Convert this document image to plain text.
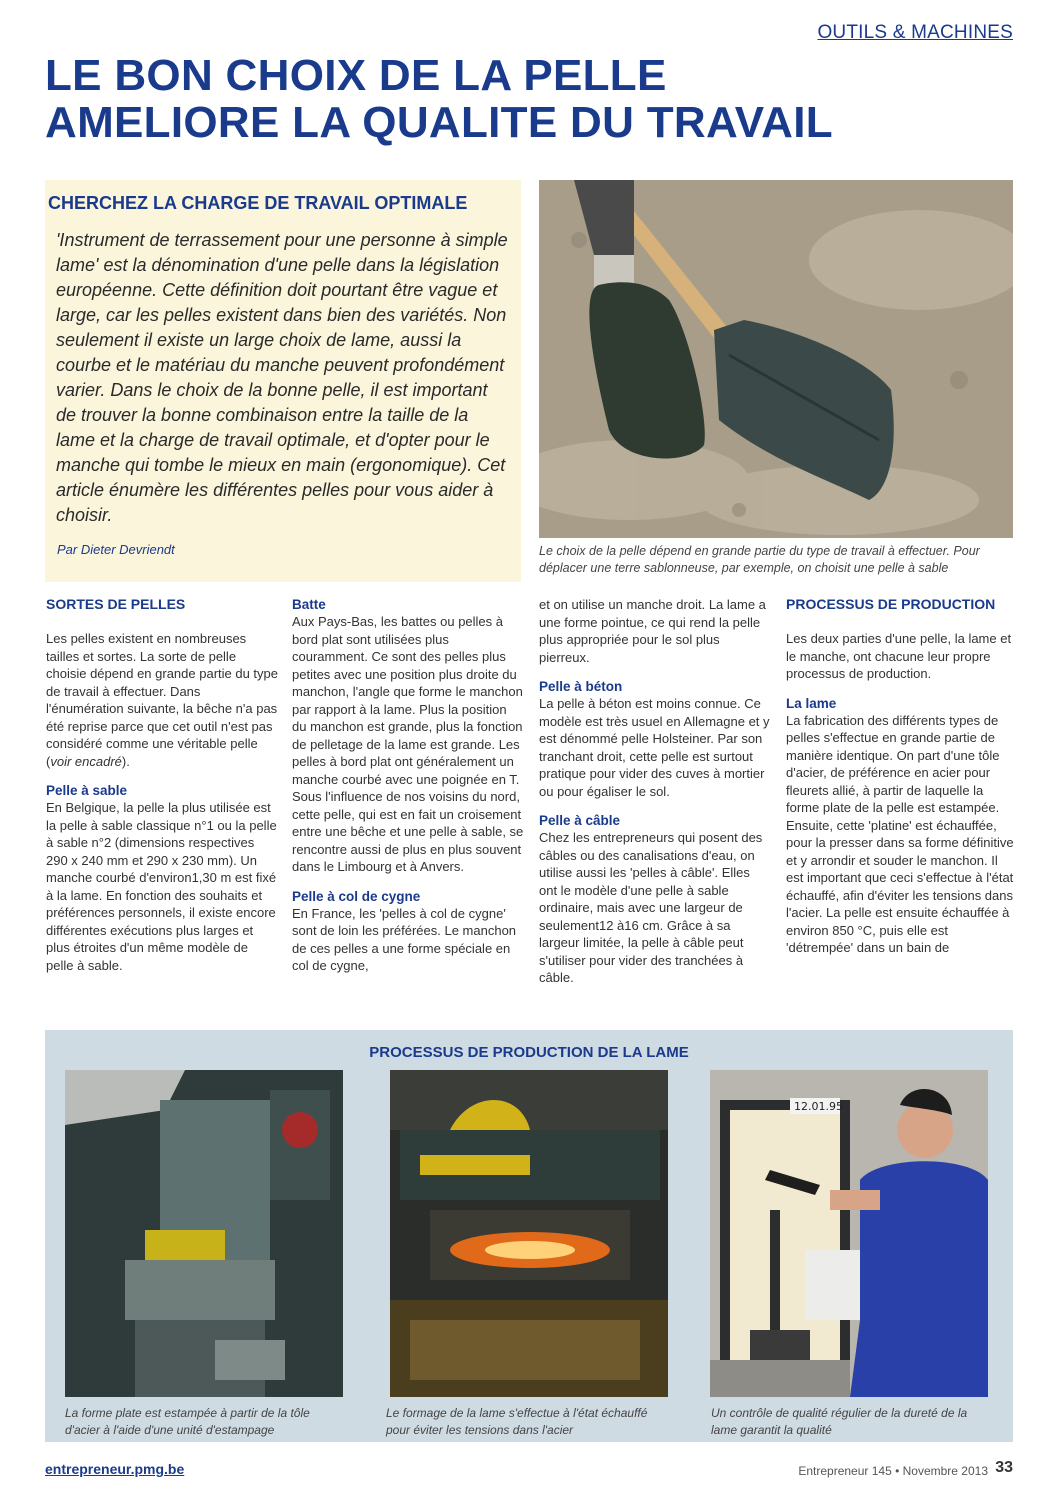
OUTILS & MACHINES
LE BON CHOIX DE LA PELLE
AMELIORE LA QUALITE DU TRAVAIL
CHERCHEZ LA CHARGE DE TRAVAIL OPTIMALE
'Instrument de terrassement pour une personne à simple lame' est la dénomination d'une pelle dans la législation européenne. Cette définition doit pourtant être vague et large, car les pelles existent dans bien des variétés. Non seulement il existe un large choix de lame, aussi la courbe et le matériau du manche peuvent profondément varier. Dans le choix de la bonne pelle, il est important de trouver la bonne combinaison entre la taille de la lame et la charge de travail optimale, et d'opter pour le manche qui tombe le mieux en main (ergonomique). Cet article énumère les différentes pelles pour vous aider à choisir.
Par Dieter Devriendt	Le choix de la pelle dépend en grande partie du type de travail à effectuer. Pour déplacer une terre sablonneuse, par exemple, on choisit une pelle à sable
SORTES DE PELLES

Les pelles existent en nombreuses tailles et sortes. La sorte de pelle choisie dépend en grande partie du type de travail à effectuer. Dans l'énumération suivante, la bêche n'a pas été reprise parce que cet outil n'est pas considéré comme une véritable pelle (voir encadré).

Pelle à sable

En Belgique, la pelle la plus utilisée est la pelle à sable classique n°1 ou la pelle à sable n°2 (dimensions respectives 290 x 240 mm et 290 x 230 mm). Un manche courbé d'environ1,30 m est fixé à la lame. En fonction des souhaits et préférences personnels, il existe encore différentes exécutions plus larges et plus étroites d'un même modèle de pelle à sable.

Batte

Aux Pays-Bas, les battes ou pelles à bord plat sont utilisées plus couramment. Ce sont des pelles plus petites avec une position plus droite du manchon, l'angle que forme le manchon par rapport à la lame. Plus la position du manchon est grande, plus la fonction de pelletage de la lame est grande. Les pelles à bord plat ont généralement un manche courbé avec une poignée en T. Sous l'influence de nos voisins du nord, cette pelle, qui est en fait un croisement entre une bêche et une pelle à sable, se rencontre aussi de plus en plus souvent dans le Limbourg et à Anvers.

Pelle à col de cygne

En France, les 'pelles à col de cygne' sont de loin les préférées. Le manchon de ces pelles a une forme spéciale en col de cygne,

et on utilise un manche droit. La lame a une forme pointue, ce qui rend la pelle plus appropriée pour le sol plus pierreux.

Pelle à béton

La pelle à béton est moins connue. Ce modèle est très usuel en Allemagne et y est dénommé pelle Holsteiner. Par son tranchant droit, cette pelle est surtout pratique pour vider des cuves à mortier ou pour égaliser le sol.

Pelle à câble

Chez les entrepreneurs qui posent des câbles ou des canalisations d'eau, on utilise aussi les 'pelles à câble'. Elles ont le modèle d'une pelle à sable ordinaire, mais avec une largeur de seulement12 à16 cm. Grâce à sa largeur limitée, la pelle à câble peut s'utiliser pour vider des tranchées à câble.

PROCESSUS DE PRODUCTION

Les deux parties d'une pelle, la lame et le manche, ont chacune leur propre processus de production.

La lame

La fabrication des différents types de pelles s'effectue en grande partie de manière identique. On part d'une tôle d'acier, de préférence en acier pour fleurets allié, à partir de laquelle la forme plate de la pelle est estampée. Ensuite, cette 'platine' est échauffée, pour la presser dans sa forme définitive et y arrondir et souder le manchon. Il est important que ceci s'effectue à l'état échauffé, afin d'éviter les tensions dans l'acier. La pelle est ensuite échauffée à environ 850 °C, puis elle est 'détrempée' dans un bain de

PROCESSUS DE PRODUCTION DE LA LAME
12.01.95
La forme plate est estampée à partir de la tôle d'acier à l'aide d'une unité d'estampage
Le formage de la lame s'effectue à l'état échauffé pour éviter les tensions dans l'acier
Un contrôle de qualité régulier de la dureté de la lame garantit la qualité
entrepreneur.pmg.be	Entrepreneur 145 • Novembre 2013 33
